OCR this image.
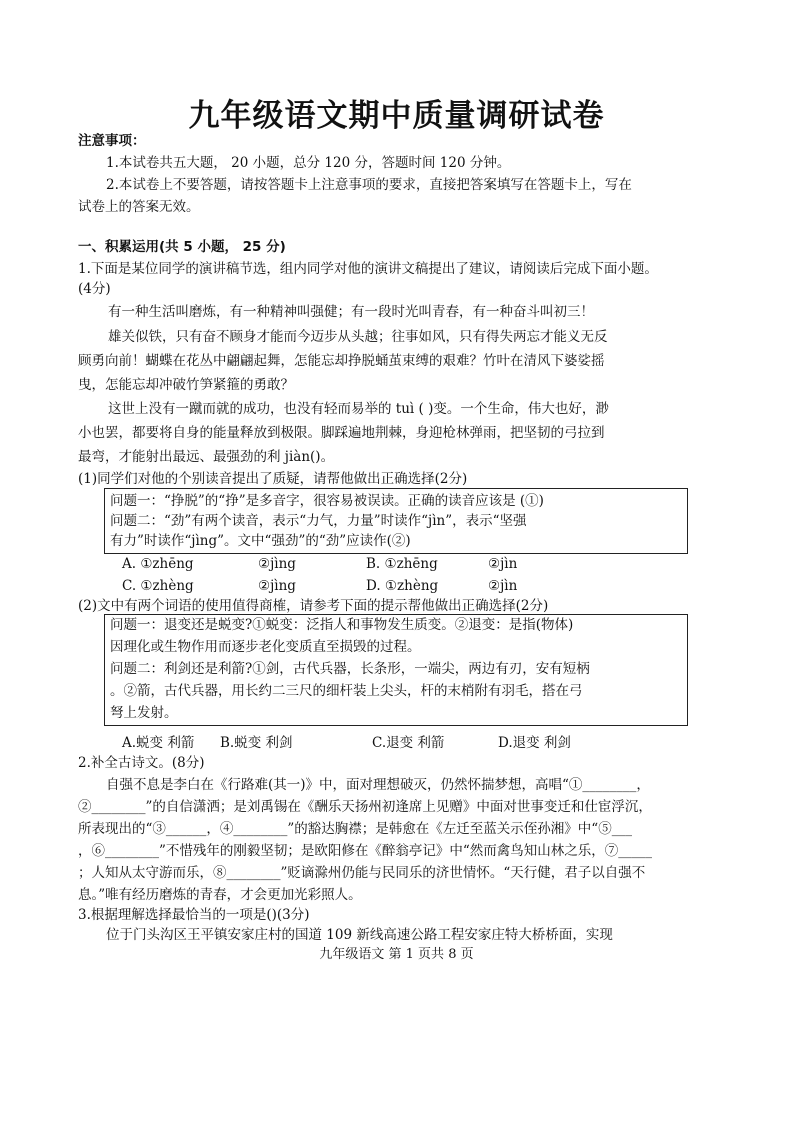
九年级语文期中质量调研试卷
注意事项：
1.本试卷共五大题， 20 小题，总分 120 分，答题时间 120 分钟。
2.本试卷上不要答题，请按答题卡上注意事项的要求，直接把答案填写在答题卡上，写在
试卷上的答案无效。
一、积累运用(共 5 小题， 25 分)
1.下面是某位同学的演讲稿节选，组内同学对他的演讲文稿提出了建议，请阅读后完成下面小题。
(4分)
有一种生活叫磨炼，有一种精神叫强健；有一段时光叫青春，有一种奋斗叫初三！
雄关似铁，只有奋不顾身才能而今迈步从头越；往事如风，只有得失两忘才能义无反
顾勇向前！蝴蝶在花丛中翩翩起舞，怎能忘却挣脱蛹茧束缚的艰难？竹叶在清风下婆娑摇
曳，怎能忘却冲破竹笋紧箍的勇敢？
这世上没有一蹴而就的成功，也没有轻而易举的 tuì ( )变。一个生命，伟大也好，渺
小也罢，都要将自身的能量释放到极限。脚踩遍地荆棘，身迎枪林弹雨，把坚韧的弓拉到
最弯，才能射出最远、最强劲的利 jiàn()。
(1)同学们对他的个别读音提出了质疑，请帮他做出正确选择(2分)
问题一：“挣脱”的“挣”是多音字，很容易被误读。正确的读音应该是 (①)
问题二：“劲”有两个读音，表示“力气，力量”时读作“jìn”，表示“坚强
有力”时读作“jìng”。文中“强劲”的“劲”应读作(②)
A. ①zhēng	②jìng	B. ①zhēng	②jìn
C. ①zhèng	②jìng	D. ①zhèng	②jìn
(2)文中有两个词语的使用值得商榷，请参考下面的提示帮他做出正确选择(2分)
问题一：退变还是蜕变?①蜕变：泛指人和事物发生质变。②退变：是指(物体)
因理化或生物作用而逐步老化变质直至损毁的过程。
问题二：利剑还是利箭?①剑，古代兵器，长条形，一端尖，两边有刃，安有短柄
。②箭，古代兵器，用长约二三尺的细杆装上尖头，杆的末梢附有羽毛，搭在弓
弩上发射。
A.蜕变 利箭 B.蜕变 利剑	C.退变 利箭	D.退变 利剑
2.补全古诗文。(8分)
自强不息是李白在《行路难(其一)》中，面对理想破灭，仍然怀揣梦想，高唱“①________，
②________”的自信潇洒；是刘禹锡在《酬乐天扬州初逢席上见赠》中面对世事变迁和仕宦浮沉，
所表现出的“③______，④________”的豁达胸襟；是韩愈在《左迁至蓝关示侄孙湘》中“⑤___
，⑥________”不惜残年的刚毅坚韧；是欧阳修在《醉翁亭记》中“然而禽鸟知山林之乐，⑦_____
；人知从太守游而乐，⑧________”贬谪滁州仍能与民同乐的济世情怀。“天行健，君子以自强不
息。”唯有经历磨炼的青春，才会更加光彩照人。
3.根据理解选择最恰当的一项是()(3分)
位于门头沟区王平镇安家庄村的国道 109 新线高速公路工程安家庄特大桥桥面，实现
九年级语文 第 1 页共 8 页
